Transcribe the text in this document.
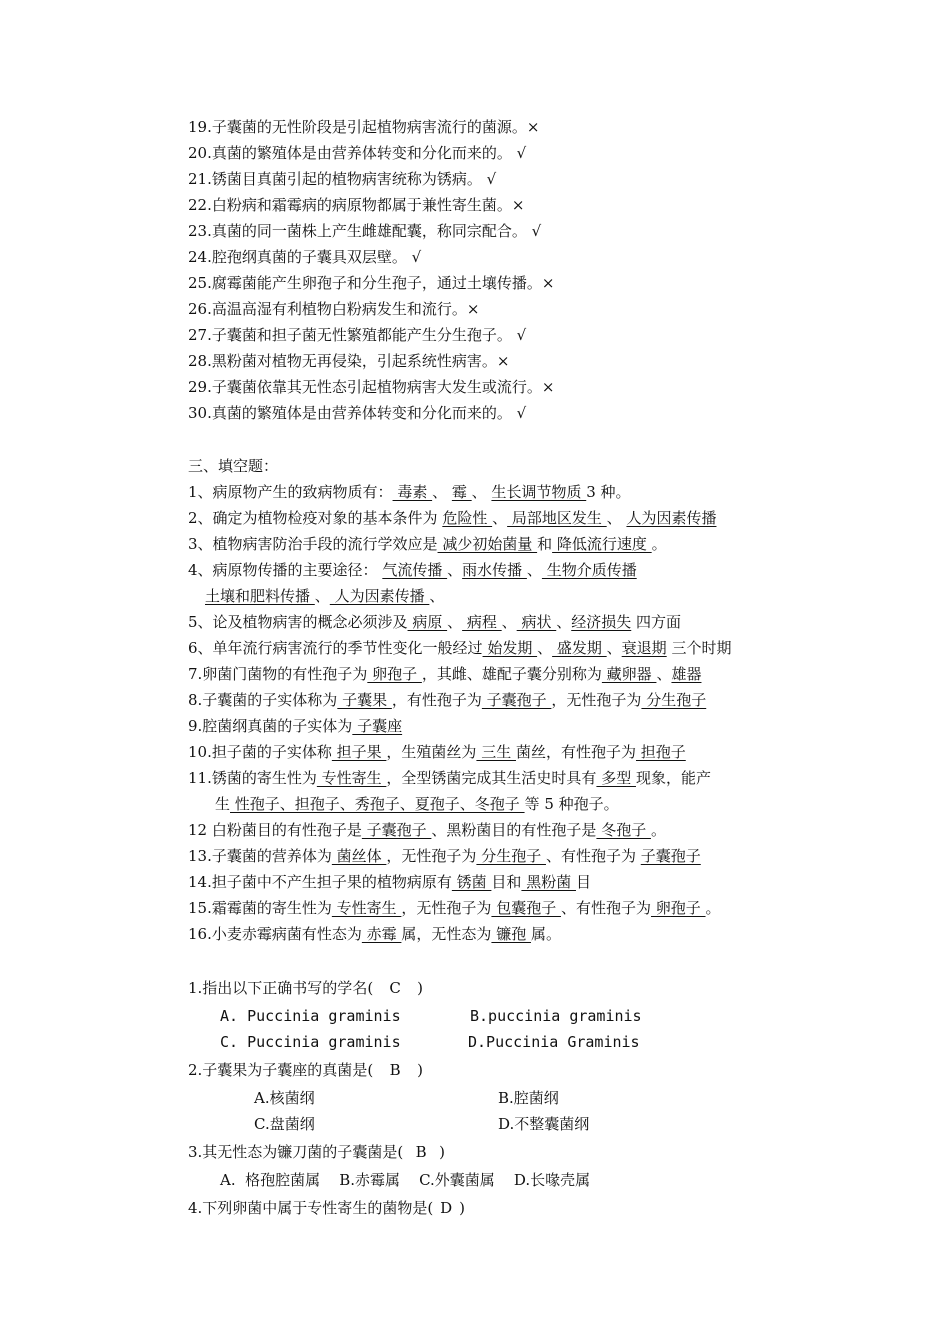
19.子囊菌的无性阶段是引起植物病害流行的菌源。×
20.真菌的繁殖体是由营养体转变和分化而来的。 √
21.锈菌目真菌引起的植物病害统称为锈病。 √
22.白粉病和霜霉病的病原物都属于兼性寄生菌。×
23.真菌的同一菌株上产生雌雄配囊，称同宗配合。 √
24.腔孢纲真菌的子囊具双层壁。 √
25.腐霉菌能产生卵孢子和分生孢子，通过土壤传播。×
26.高温高湿有利植物白粉病发生和流行。×
27.子囊菌和担子菌无性繁殖都能产生分生孢子。 √
28.黑粉菌对植物无再侵染，引起系统性病害。×
29.子囊菌依靠其无性态引起植物病害大发生或流行。×
30.真菌的繁殖体是由营养体转变和分化而来的。 √
三、填空题：
1、病原物产生的致病物质有： 毒素 、 霉 、 生长调节物质 3 种。
2、确定为植物检疫对象的基本条件为 危险性 、 局部地区发生 、 人为因素传播
3、植物病害防治手段的流行学效应是 减少初始菌量 和 降低流行速度 。
4、病原物传播的主要途径： 气流传播 、雨水传播 、 生物介质传播
土壤和肥料传播 、 人为因素传播 、
5、论及植物病害的概念必须涉及 病原 、 病程 、 病状 、经济损失 四方面
6、单年流行病害流行的季节性变化一般经过 始发期 、 盛发期 、衰退期 三个时期
7.卵菌门菌物的有性孢子为 卵孢子 ，其雌、雄配子囊分别称为 藏卵器 、雄器
8.子囊菌的子实体称为 子囊果 ，有性孢子为 子囊孢子 ，无性孢子为 分生孢子
9.腔菌纲真菌的子实体为 子囊座
10.担子菌的子实体称 担子果 ，生殖菌丝为 三生 菌丝，有性孢子为 担孢子
11.锈菌的寄生性为 专性寄生 ，全型锈菌完成其生活史时具有 多型 现象，能产
生 性孢子、担孢子、秀孢子、夏孢子、冬孢子 等 5 种孢子。
12 白粉菌目的有性孢子是 子囊孢子 、黑粉菌目的有性孢子是 冬孢子 。
13.子囊菌的营养体为 菌丝体 ，无性孢子为 分生孢子 、有性孢子为 子囊孢子
14.担子菌中不产生担子果的植物病原有 锈菌 目和 黑粉菌 目
15.霜霉菌的寄生性为 专性寄生 ，无性孢子为 包囊孢子 、有性孢子为 卵孢子 。
16.小麦赤霉病菌有性态为 赤霉 属，无性态为 镰孢 属。
1.指出以下正确书写的学名( C )
A. Puccinia graminis	B.puccinia graminis
C. Puccinia graminis	D.Puccinia Graminis
2.子囊果为子囊座的真菌是( B )
A.核菌纲	B.腔菌纲
C.盘菌纲	D.不整囊菌纲
3.其无性态为镰刀菌的子囊菌是( B )
A.  格孢腔菌属    B.赤霉属    C.外囊菌属    D.长喙壳属
4.下列卵菌中属于专性寄生的菌物是( D )
